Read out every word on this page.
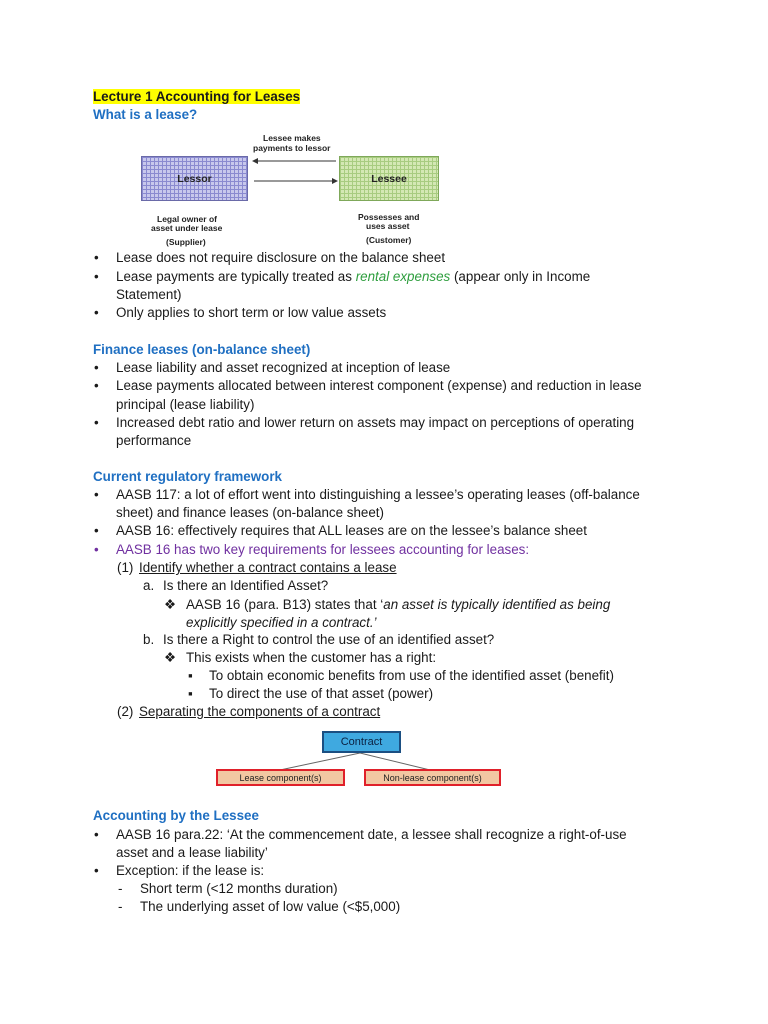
Lecture 1 Accounting for Leases
What is a lease?
Lessee makes
payments to lessor
Lessor	Lessee
Legal owner of
asset under lease
(Supplier)
Possesses and
uses asset
(Customer)
•	Lease does not require disclosure on the balance sheet
•	Lease payments are typically treated as rental expenses (appear only in Income
Statement)
•	Only applies to short term or low value assets
Finance leases (on-balance sheet)
•	Lease liability and asset recognized at inception of lease
•	Lease payments allocated between interest component (expense) and reduction in lease
principal (lease liability)
•	Increased debt ratio and lower return on assets may impact on perceptions of operating
performance
Current regulatory framework
•	AASB 117: a lot of effort went into distinguishing a lessee’s operating leases (off-balance
sheet) and finance leases (on-balance sheet)
•	AASB 16: effectively requires that ALL leases are on the lessee’s balance sheet
•	AASB 16 has two key requirements for lessees accounting for leases:
(1) Identify whether a contract contains a lease
a. Is there an Identified Asset?
❖ AASB 16 (para. B13) states that ‘an asset is typically identified as being
explicitly specified in a contract.’
b. Is there a Right to control the use of an identified asset?
❖ This exists when the customer has a right:
▪ To obtain economic benefits from use of the identified asset (benefit)
▪ To direct the use of that asset (power)
(2) Separating the components of a contract
Contract
Lease component(s)	Non-lease component(s)
Accounting by the Lessee
•	AASB 16 para.22: ‘At the commencement date, a lessee shall recognize a right-of-use
asset and a lease liability’
•	Exception: if the lease is:
- Short term (<12 months duration)
- The underlying asset of low value (<$5,000)
